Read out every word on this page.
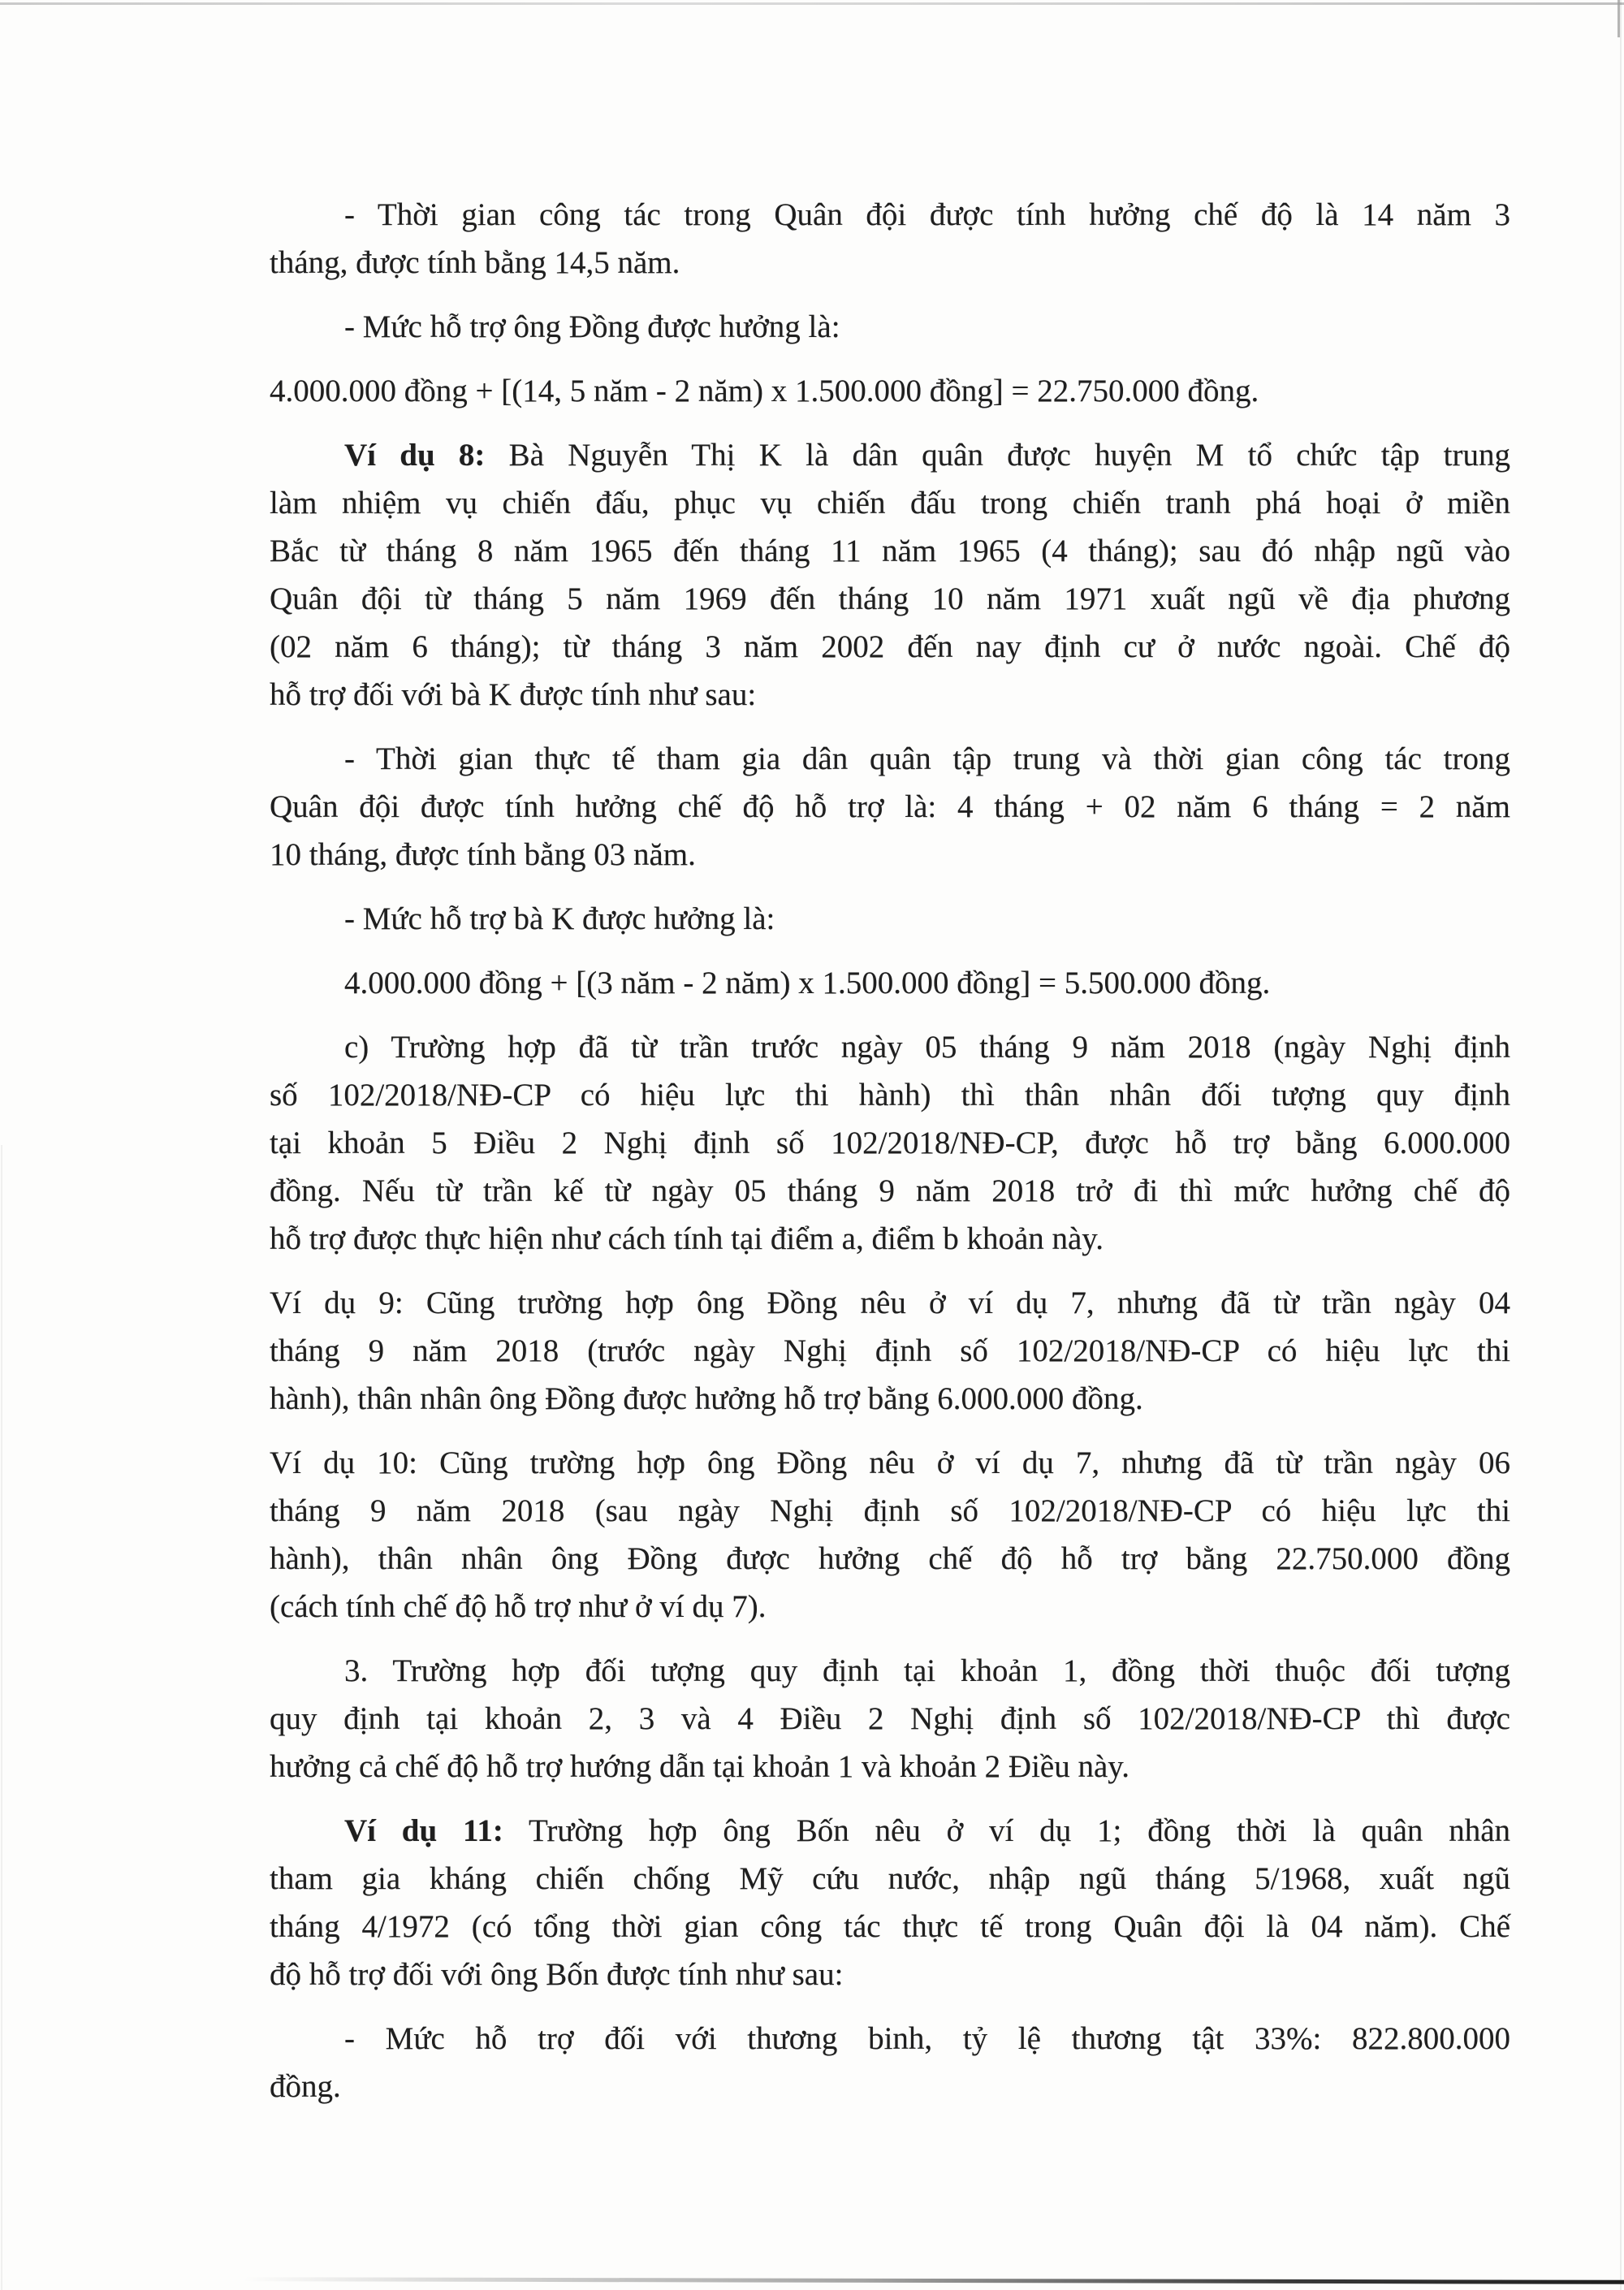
- Thời gian công tác trong Quân đội được tính hưởng chế độ là 14 năm 3
tháng, được tính bằng 14,5 năm.

- Mức hỗ trợ ông Đồng được hưởng là:

4.000.000 đồng + [(14, 5 năm - 2 năm) x 1.500.000 đồng] = 22.750.000 đồng.

Ví dụ 8: Bà Nguyễn Thị K là dân quân được huyện M tổ chức tập trung
làm nhiệm vụ chiến đấu, phục vụ chiến đấu trong chiến tranh phá hoại ở miền
Bắc từ tháng 8 năm 1965 đến tháng 11 năm 1965 (4 tháng); sau đó nhập ngũ vào
Quân đội từ tháng 5 năm 1969 đến tháng 10 năm 1971 xuất ngũ về địa phương
(02 năm 6 tháng); từ tháng 3 năm 2002 đến nay định cư ở nước ngoài. Chế độ
hỗ trợ đối với bà K được tính như sau:

- Thời gian thực tế tham gia dân quân tập trung và thời gian công tác trong
Quân đội được tính hưởng chế độ hỗ trợ là: 4 tháng + 02 năm 6 tháng = 2 năm
10 tháng, được tính bằng 03 năm.

- Mức hỗ trợ bà K được hưởng là:

4.000.000 đồng + [(3 năm - 2 năm) x 1.500.000 đồng] = 5.500.000 đồng.

c) Trường hợp đã từ trần trước ngày 05 tháng 9 năm 2018 (ngày Nghị định
số 102/2018/NĐ-CP có hiệu lực thi hành) thì thân nhân đối tượng quy định
tại khoản 5 Điều 2 Nghị định số 102/2018/NĐ-CP, được hỗ trợ bằng 6.000.000
đồng. Nếu từ trần kế từ ngày 05 tháng 9 năm 2018 trở đi thì mức hưởng chế độ
hỗ trợ được thực hiện như cách tính tại điểm a, điểm b khoản này.

Ví dụ 9: Cũng trường hợp ông Đồng nêu ở ví dụ 7, nhưng đã từ trần ngày 04
tháng 9 năm 2018 (trước ngày Nghị định số 102/2018/NĐ-CP có hiệu lực thi
hành), thân nhân ông Đồng được hưởng hỗ trợ bằng 6.000.000 đồng.

Ví dụ 10: Cũng trường hợp ông Đồng nêu ở ví dụ 7, nhưng đã từ trần ngày 06
tháng 9 năm 2018 (sau ngày Nghị định số 102/2018/NĐ-CP có hiệu lực thi
hành), thân nhân ông Đồng được hưởng chế độ hỗ trợ bằng 22.750.000 đồng
(cách tính chế độ hỗ trợ như ở ví dụ 7).

3. Trường hợp đối tượng quy định tại khoản 1, đồng thời thuộc đối tượng
quy định tại khoản 2, 3 và 4 Điều 2 Nghị định số 102/2018/NĐ-CP thì được
hưởng cả chế độ hỗ trợ hướng dẫn tại khoản 1 và khoản 2 Điều này.

Ví dụ 11: Trường hợp ông Bốn nêu ở ví dụ 1; đồng thời là quân nhân
tham gia kháng chiến chống Mỹ cứu nước, nhập ngũ tháng 5/1968, xuất ngũ
tháng 4/1972 (có tổng thời gian công tác thực tế trong Quân đội là 04 năm). Chế
độ hỗ trợ đối với ông Bốn được tính như sau:

- Mức hỗ trợ đối với thương binh, tỷ lệ thương tật 33%: 822.800.000
đồng.
